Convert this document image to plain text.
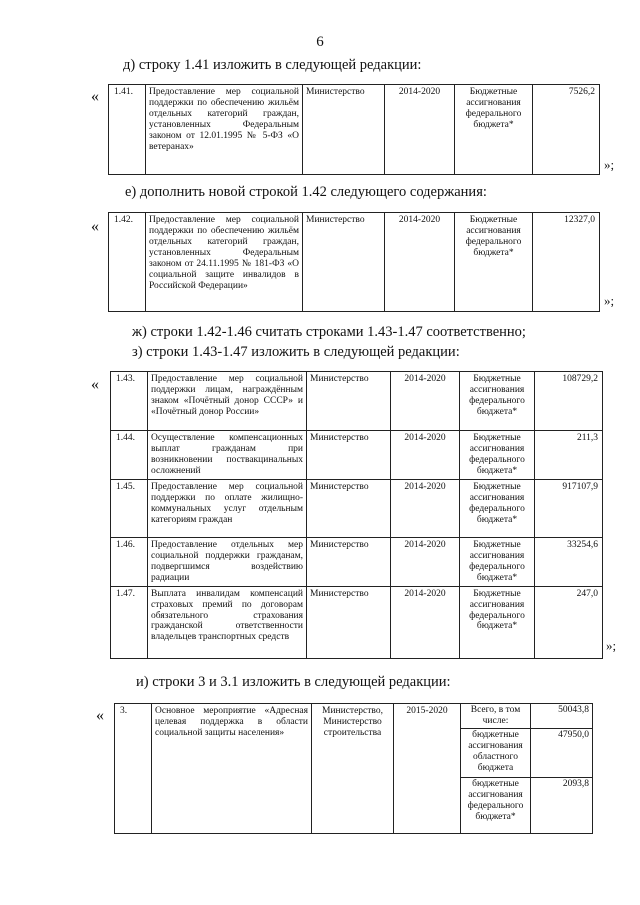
6
д) строку 1.41 изложить в следующей редакции:
« 1.41.	Предоставление мер социальной поддержки по обеспечению жильём отдельных категорий граждан, установленных Федеральным законом от 12.01.1995 № 5-ФЗ «О ветеранах»	Министерство	2014-2020	Бюджетные ассигнования федерального бюджета*	7526,2
»;
е) дополнить новой строкой 1.42 следующего содержания:
« 1.42.	Предоставление мер социальной поддержки по обеспечению жильём отдельных категорий граждан, установленных Федеральным законом от 24.11.1995 № 181-ФЗ «О социальной защите инвалидов в Российской Федерации»	Министерство	2014-2020	Бюджетные ассигнования федерального бюджета*	12327,0
»;
ж) строки 1.42-1.46 считать строками 1.43-1.47 соответственно;
з) строки 1.43-1.47 изложить в следующей редакции:
« 1.43.	Предоставление мер социальной поддержки лицам, награждённым знаком «Почётный донор СССР» и «Почётный донор России»	Министерство	2014-2020	Бюджетные ассигнования федерального бюджета*	108729,2
1.44.	Осуществление компенсационных выплат гражданам при возникновении поствакцинальных осложнений	Министерство	2014-2020	Бюджетные ассигнования федерального бюджета*	211,3
1.45.	Предоставление мер социальной поддержки по оплате жилищно-коммунальных услуг отдельным категориям граждан	Министерство	2014-2020	Бюджетные ассигнования федерального бюджета*	917107,9
1.46.	Предоставление отдельных мер социальной поддержки гражданам, подвергшимся воздействию радиации	Министерство	2014-2020	Бюджетные ассигнования федерального бюджета*	33254,6
1.47.	Выплата инвалидам компенсаций страховых премий по договорам обязательного страхования гражданской ответственности владельцев транспортных средств	Министерство	2014-2020	Бюджетные ассигнования федерального бюджета*	247,0
»;
и) строки 3 и 3.1 изложить в следующей редакции:
« 3.	Основное мероприятие «Адресная целевая поддержка в области социальной защиты населения»	Министерство, Министерство строительства	2015-2020	Всего, в том числе:	50043,8
				бюджетные ассигнования областного бюджета	47950,0
				бюджетные ассигнования федерального бюджета*	2093,8
